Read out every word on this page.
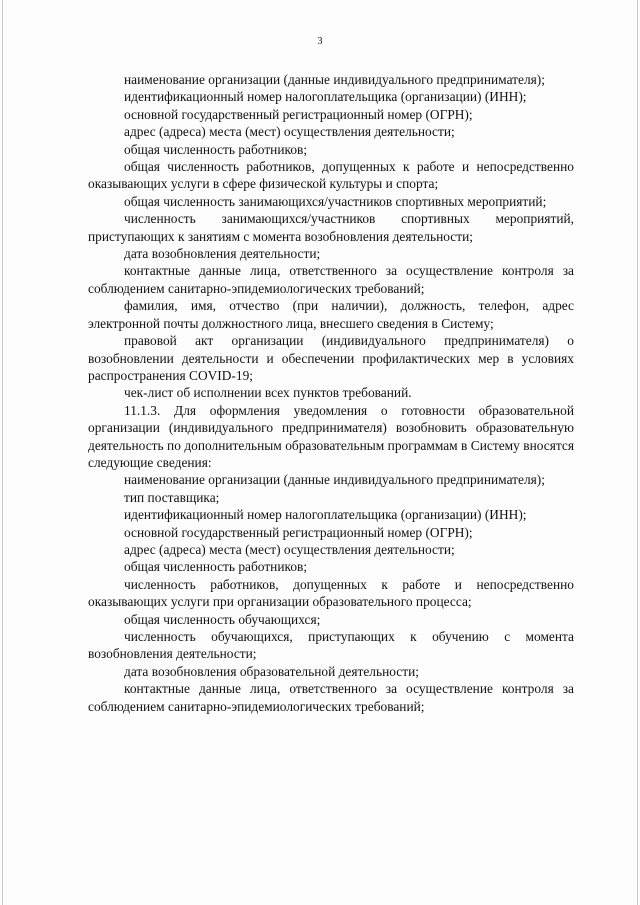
3

наименование организации (данные индивидуального предпринимателя);

идентификационный номер налогоплательщика (организации) (ИНН);

основной государственный регистрационный номер (ОГРН);

адрес (адреса) места (мест) осуществления деятельности;

общая численность работников;

общая численность работников, допущенных к работе и непосредственно оказывающих услуги в сфере физической культуры и спорта;

общая численность занимающихся/участников спортивных мероприятий;

численность занимающихся/участников спортивных мероприятий, приступающих к занятиям с момента возобновления деятельности;

дата возобновления деятельности;

контактные данные лица, ответственного за осуществление контроля за соблюдением санитарно-эпидемиологических требований;

фамилия, имя, отчество (при наличии), должность, телефон, адрес электронной почты должностного лица, внесшего сведения в Систему;

правовой акт организации (индивидуального предпринимателя) о возобновлении деятельности и обеспечении профилактических мер в условиях распространения COVID-19;

чек-лист об исполнении всех пунктов требований.

11.1.3. Для оформления уведомления о готовности образовательной организации (индивидуального предпринимателя) возобновить образовательную деятельность по дополнительным образовательным программам в Систему вносятся следующие сведения:

наименование организации (данные индивидуального предпринимателя);

тип поставщика;

идентификационный номер налогоплательщика (организации) (ИНН);

основной государственный регистрационный номер (ОГРН);

адрес (адреса) места (мест) осуществления деятельности;

общая численность работников;

численность работников, допущенных к работе и непосредственно оказывающих услуги при организации образовательного процесса;

общая численность обучающихся;

численность обучающихся, приступающих к обучению с момента возобновления деятельности;

дата возобновления образовательной деятельности;

контактные данные лица, ответственного за осуществление контроля за соблюдением санитарно-эпидемиологических требований;
